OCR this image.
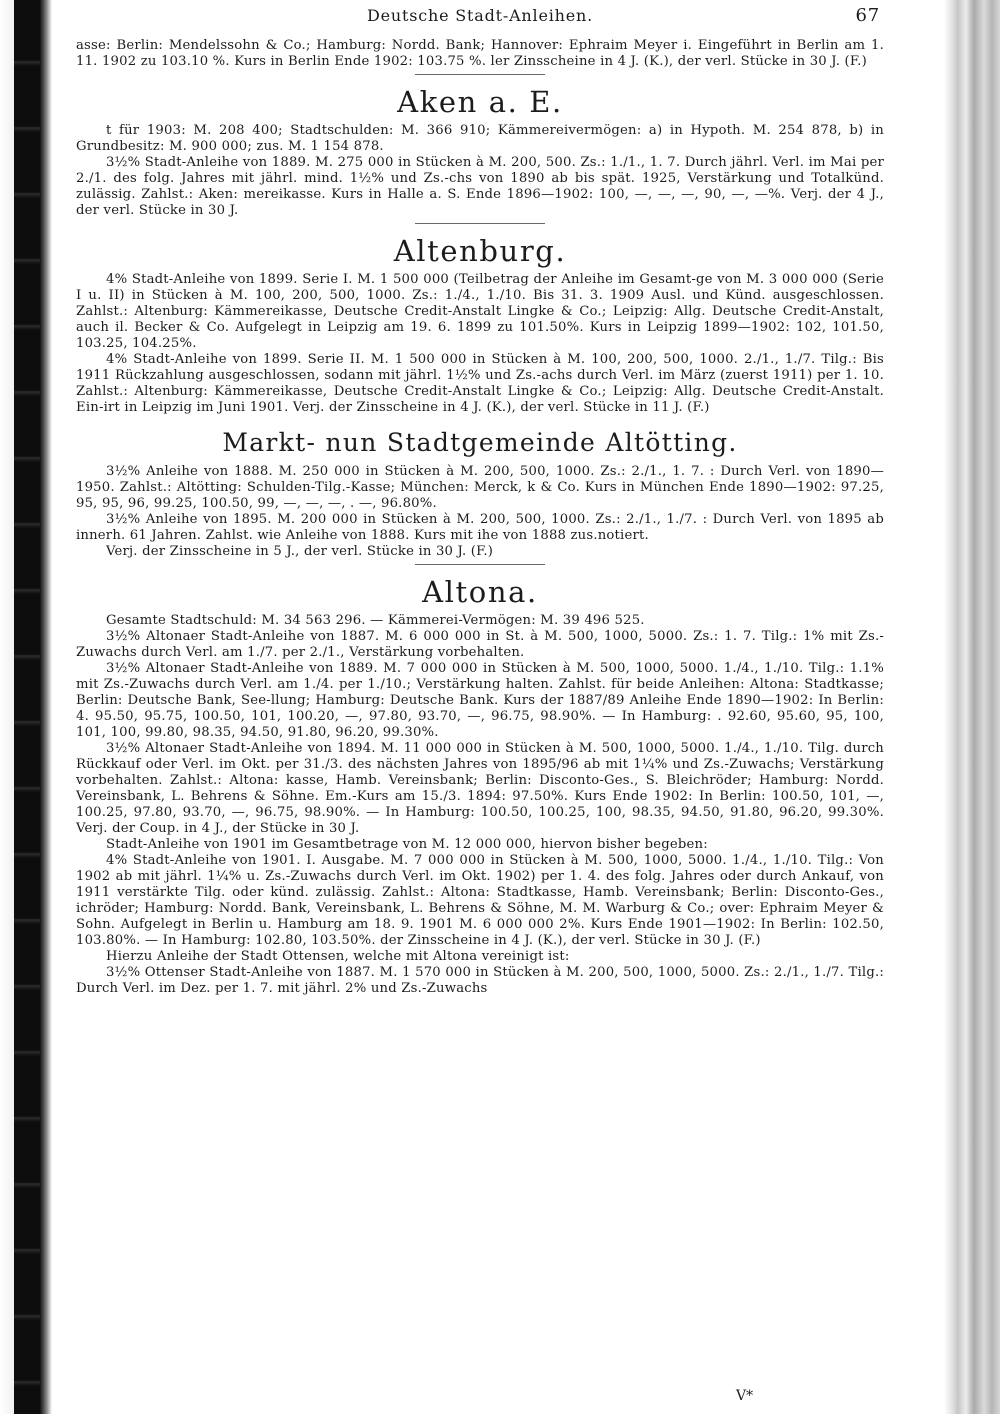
Deutsche Stadt-Anleihen.	67

asse: Berlin: Mendelssohn & Co.; Hamburg: Nordd. Bank; Hannover: Ephraim Meyer i. Eingeführt in Berlin am 1. 11. 1902 zu 103.10 %. Kurs in Berlin Ende 1902: 103.75 %. ler Zinsscheine in 4 J. (K.), der verl. Stücke in 30 J. (F.)

Aken a. E.

t für 1903: M. 208 400; Stadtschulden: M. 366 910; Kämmereivermögen: a) in Hypoth. M. 254 878, b) in Grundbesitz: M. 900 000; zus. M. 1 154 878.

3½% Stadt-Anleihe von 1889. M. 275 000 in Stücken à M. 200, 500. Zs.: 1./1., 1. 7. Durch jährl. Verl. im Mai per 2./1. des folg. Jahres mit jährl. mind. 1½% und Zs.-chs von 1890 ab bis spät. 1925, Verstärkung und Totalkünd. zulässig. Zahlst.: Aken: mereikasse. Kurs in Halle a. S. Ende 1896—1902: 100, —, —, —, 90, —, —%. Verj. der 4 J., der verl. Stücke in 30 J.

Altenburg.

4% Stadt-Anleihe von 1899. Serie I. M. 1 500 000 (Teilbetrag der Anleihe im Gesamt-ge von M. 3 000 000 (Serie I u. II) in Stücken à M. 100, 200, 500, 1000. Zs.: 1./4., 1./10. Bis 31. 3. 1909 Ausl. und Künd. ausgeschlossen. Zahlst.: Altenburg: Kämmereikasse, Deutsche Credit-Anstalt Lingke & Co.; Leipzig: Allg. Deutsche Credit-Anstalt, auch il. Becker & Co. Aufgelegt in Leipzig am 19. 6. 1899 zu 101.50%. Kurs in Leipzig 1899—1902: 102, 101.50, 103.25, 104.25%.

4% Stadt-Anleihe von 1899. Serie II. M. 1 500 000 in Stücken à M. 100, 200, 500, 1000. 2./1., 1./7. Tilg.: Bis 1911 Rückzahlung ausgeschlossen, sodann mit jährl. 1½% und Zs.-achs durch Verl. im März (zuerst 1911) per 1. 10. Zahlst.: Altenburg: Kämmereikasse, Deutsche Credit-Anstalt Lingke & Co.; Leipzig: Allg. Deutsche Credit-Anstalt. Ein-irt in Leipzig im Juni 1901. Verj. der Zinsscheine in 4 J. (K.), der verl. Stücke in 11 J. (F.)

Markt- nun Stadtgemeinde Altötting.

3½% Anleihe von 1888. M. 250 000 in Stücken à M. 200, 500, 1000. Zs.: 2./1., 1. 7. : Durch Verl. von 1890—1950. Zahlst.: Altötting: Schulden-Tilg.-Kasse; München: Merck, k & Co. Kurs in München Ende 1890—1902: 97.25, 95, 95, 96, 99.25, 100.50, 99, —, —, —, . —, 96.80%.

3½% Anleihe von 1895. M. 200 000 in Stücken à M. 200, 500, 1000. Zs.: 2./1., 1./7. : Durch Verl. von 1895 ab innerh. 61 Jahren. Zahlst. wie Anleihe von 1888. Kurs mit ihe von 1888 zus.notiert.

Verj. der Zinsscheine in 5 J., der verl. Stücke in 30 J. (F.)

Altona.

Gesamte Stadtschuld: M. 34 563 296. — Kämmerei-Vermögen: M. 39 496 525.

3½% Altonaer Stadt-Anleihe von 1887. M. 6 000 000 in St. à M. 500, 1000, 5000. Zs.: 1. 7. Tilg.: 1% mit Zs.-Zuwachs durch Verl. am 1./7. per 2./1., Verstärkung vorbehalten.

3½% Altonaer Stadt-Anleihe von 1889. M. 7 000 000 in Stücken à M. 500, 1000, 5000. 1./4., 1./10. Tilg.: 1.1% mit Zs.-Zuwachs durch Verl. am 1./4. per 1./10.; Verstärkung halten. Zahlst. für beide Anleihen: Altona: Stadtkasse; Berlin: Deutsche Bank, See-llung; Hamburg: Deutsche Bank. Kurs der 1887/89 Anleihe Ende 1890—1902: In Berlin: 4. 95.50, 95.75, 100.50, 101, 100.20, —, 97.80, 93.70, —, 96.75, 98.90%. — In Hamburg: . 92.60, 95.60, 95, 100, 101, 100, 99.80, 98.35, 94.50, 91.80, 96.20, 99.30%.

3½% Altonaer Stadt-Anleihe von 1894. M. 11 000 000 in Stücken à M. 500, 1000, 5000. 1./4., 1./10. Tilg. durch Rückkauf oder Verl. im Okt. per 31./3. des nächsten Jahres von 1895/96 ab mit 1¼% und Zs.-Zuwachs; Verstärkung vorbehalten. Zahlst.: Altona: kasse, Hamb. Vereinsbank; Berlin: Disconto-Ges., S. Bleichröder; Hamburg: Nordd. Vereinsbank, L. Behrens & Söhne. Em.-Kurs am 15./3. 1894: 97.50%. Kurs Ende 1902: In Berlin: 100.50, 101, —, 100.25, 97.80, 93.70, —, 96.75, 98.90%. — In Hamburg: 100.50, 100.25, 100, 98.35, 94.50, 91.80, 96.20, 99.30%. Verj. der Coup. in 4 J., der Stücke in 30 J.

Stadt-Anleihe von 1901 im Gesamtbetrage von M. 12 000 000, hiervon bisher begeben:

4% Stadt-Anleihe von 1901. I. Ausgabe. M. 7 000 000 in Stücken à M. 500, 1000, 5000. 1./4., 1./10. Tilg.: Von 1902 ab mit jährl. 1¼% u. Zs.-Zuwachs durch Verl. im Okt. 1902) per 1. 4. des folg. Jahres oder durch Ankauf, von 1911 verstärkte Tilg. oder künd. zulässig. Zahlst.: Altona: Stadtkasse, Hamb. Vereinsbank; Berlin: Disconto-Ges., ichröder; Hamburg: Nordd. Bank, Vereinsbank, L. Behrens & Söhne, M. M. Warburg & Co.; over: Ephraim Meyer & Sohn. Aufgelegt in Berlin u. Hamburg am 18. 9. 1901 M. 6 000 000 2%. Kurs Ende 1901—1902: In Berlin: 102.50, 103.80%. — In Hamburg: 102.80, 103.50%. der Zinsscheine in 4 J. (K.), der verl. Stücke in 30 J. (F.)

Hierzu Anleihe der Stadt Ottensen, welche mit Altona vereinigt ist:

3½% Ottenser Stadt-Anleihe von 1887. M. 1 570 000 in Stücken à M. 200, 500, 1000, 5000. Zs.: 2./1., 1./7. Tilg.: Durch Verl. im Dez. per 1. 7. mit jährl. 2% und Zs.-Zuwachs

V*
